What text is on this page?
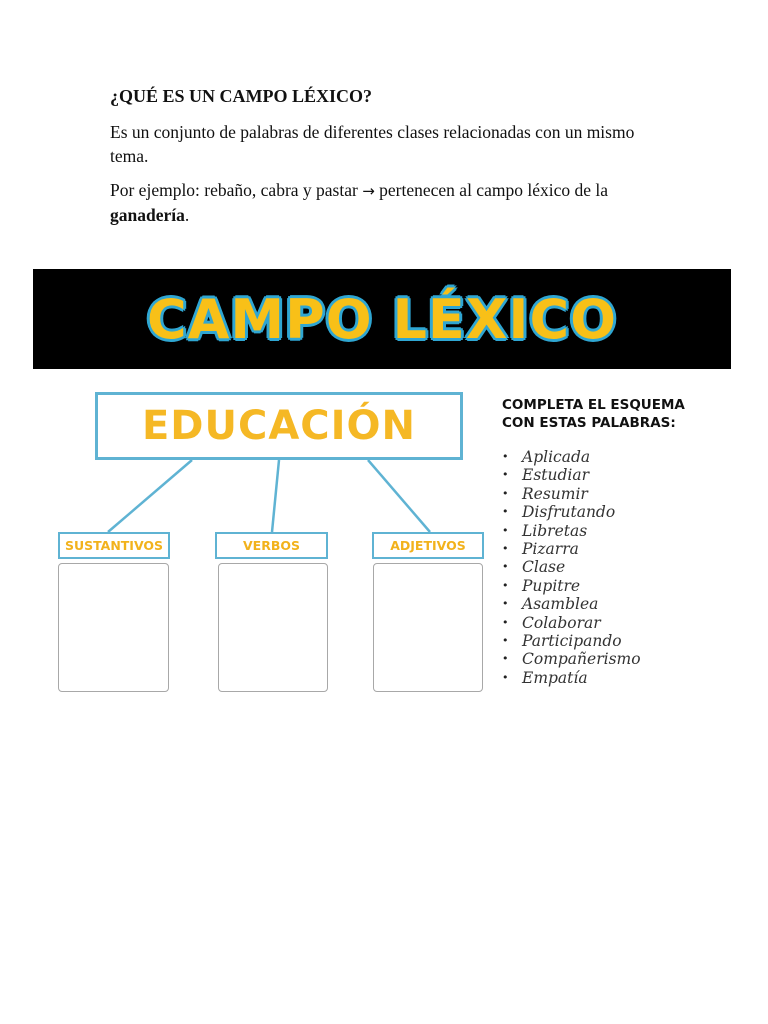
¿QUÉ ES UN CAMPO LÉXICO?

Es un conjunto de palabras de diferentes clases relacionadas con un mismo tema.

Por ejemplo: rebaño, cabra y pastar → pertenecen al campo léxico de la ganadería.

CAMPO LÉXICO
EDUCACIÓN
SUSTANTIVOS	VERBOS	ADJETIVOS
COMPLETA EL ESQUEMA
CON ESTAS PALABRAS:
• Aplicada
• Estudiar
• Resumir
• Disfrutando
• Libretas
• Pizarra
• Clase
• Pupitre
• Asamblea
• Colaborar
• Participando
• Compañerismo
• Empatía
